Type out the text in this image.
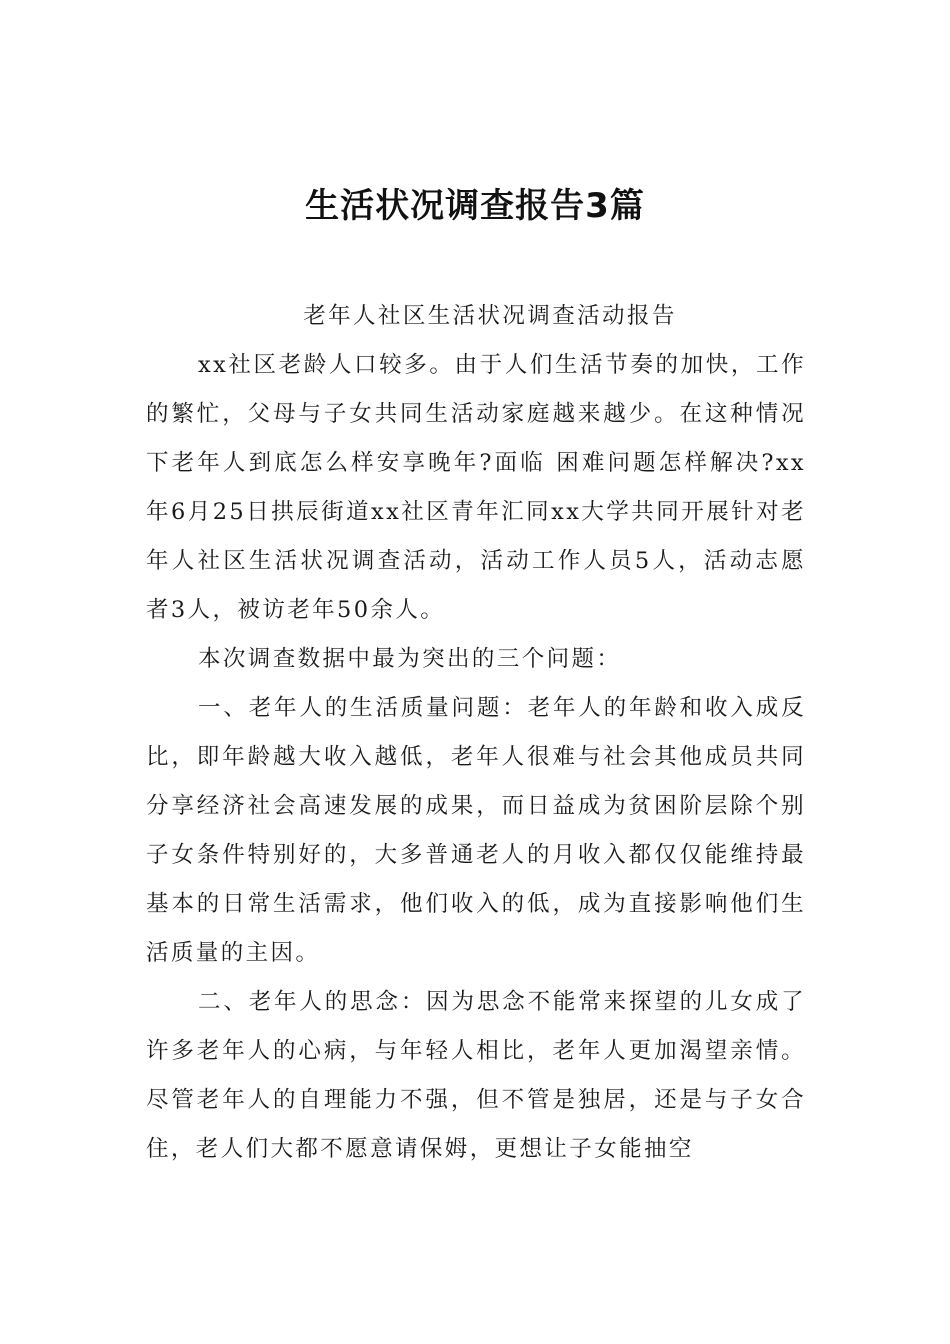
生活状况调查报告3篇

老年人社区生活状况调查活动报告

xx社区老龄人口较多。由于人们生活节奏的加快，工作的繁忙，父母与子女共同生活动家庭越来越少。在这种情况下老年人到底怎么样安享晚年?面临 困难问题怎样解决?xx年6月25日拱辰街道xx社区青年汇同xx大学共同开展针对老年人社区生活状况调查活动，活动工作人员5人，活动志愿者3人，被访老年50余人。

本次调查数据中最为突出的三个问题：

一、老年人的生活质量问题：老年人的年龄和收入成反比，即年龄越大收入越低，老年人很难与社会其他成员共同分享经济社会高速发展的成果，而日益成为贫困阶层除个别子女条件特别好的，大多普通老人的月收入都仅仅能维持最基本的日常生活需求，他们收入的低，成为直接影响他们生活质量的主因。

二、老年人的思念：因为思念不能常来探望的儿女成了许多老年人的心病，与年轻人相比，老年人更加渴望亲情。尽管老年人的自理能力不强，但不管是独居，还是与子女合住，老人们大都不愿意请保姆，更想让子女能抽空
